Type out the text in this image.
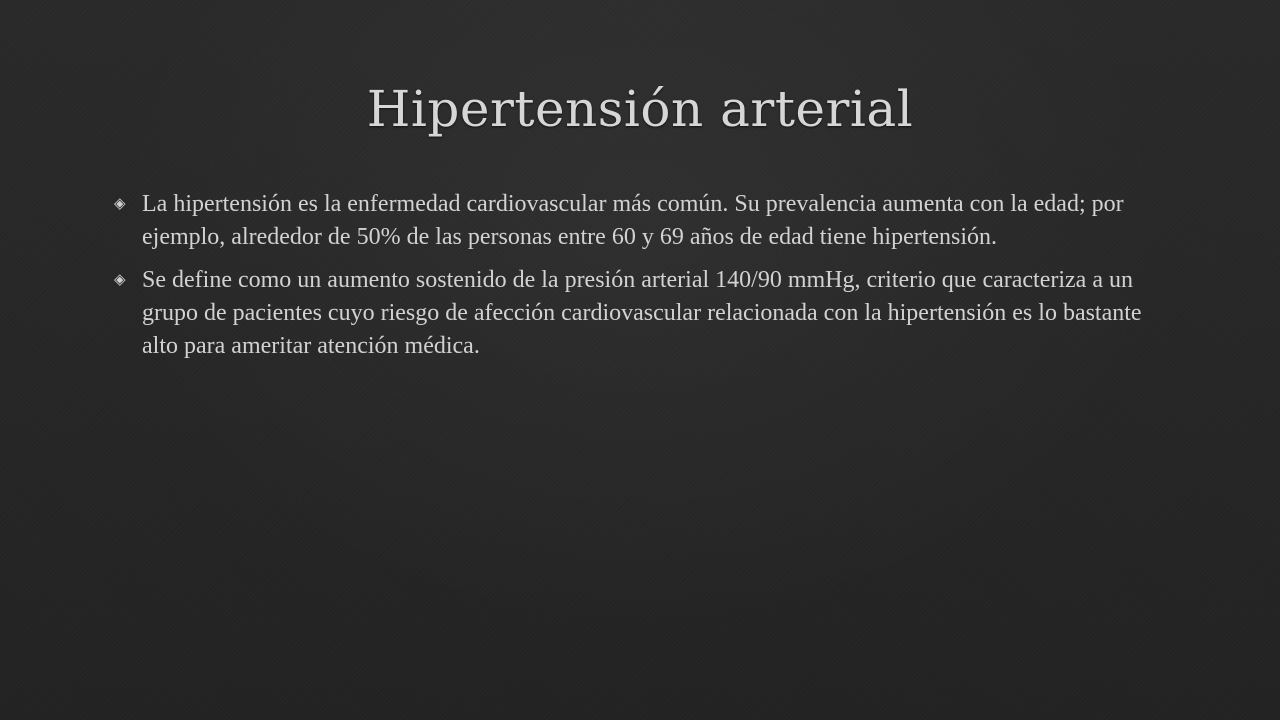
Hipertensión arterial
◈ La hipertensión es la enfermedad cardiovascular más común. Su prevalencia aumenta con la edad; por ejemplo, alrededor de 50% de las personas entre 60 y 69 años de edad tiene hipertensión.
◈ Se define como un aumento sostenido de la presión arterial 140/90 mmHg, criterio que caracteriza a un grupo de pacientes cuyo riesgo de afección cardiovascular relacionada con la hipertensión es lo bastante alto para ameritar atención médica.
